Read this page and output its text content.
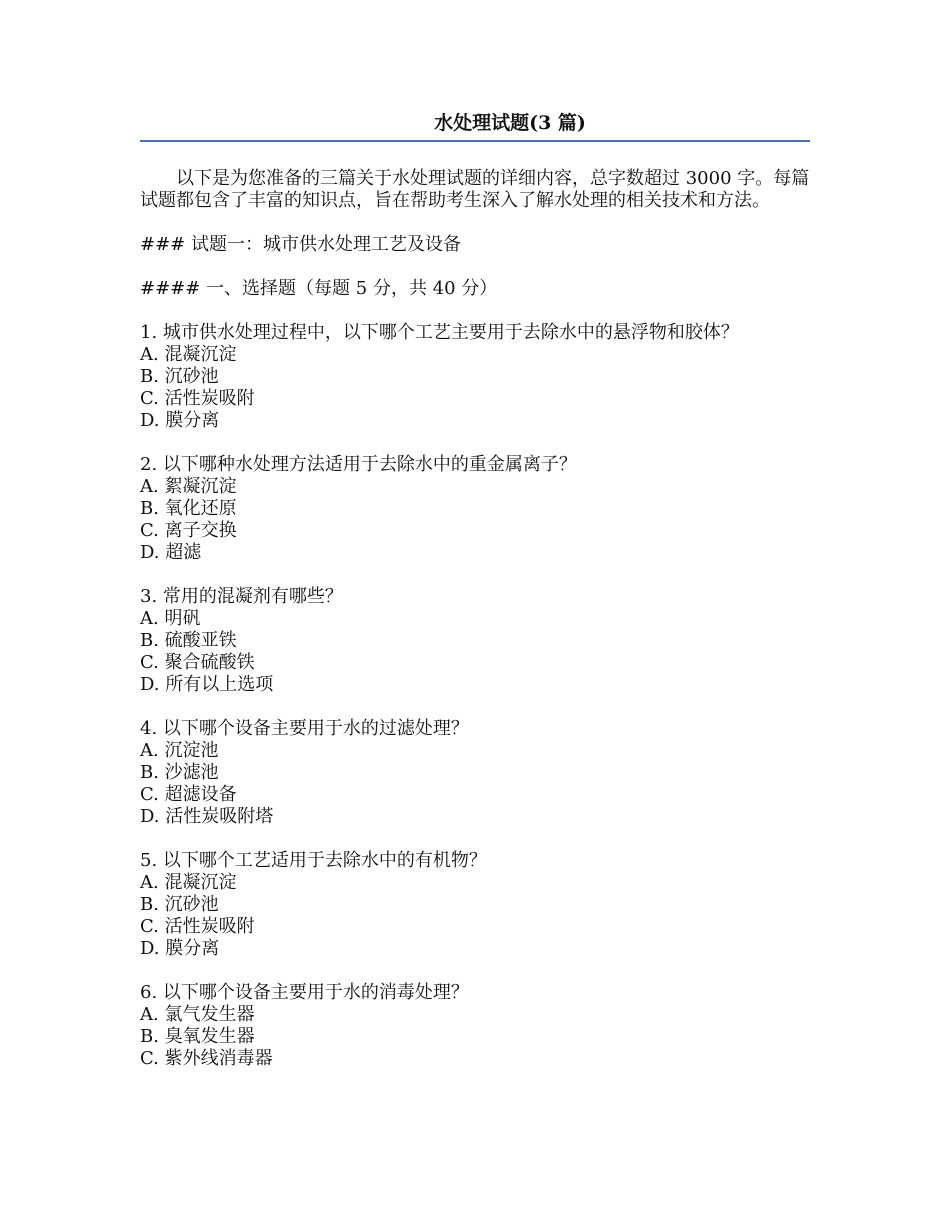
水处理试题(3 篇)
以下是为您准备的三篇关于水处理试题的详细内容，总字数超过 3000 字。每篇试题都包含了丰富的知识点，旨在帮助考生深入了解水处理的相关技术和方法。
### 试题一：城市供水处理工艺及设备
#### 一、选择题（每题 5 分，共 40 分）
1. 城市供水处理过程中，以下哪个工艺主要用于去除水中的悬浮物和胶体？
A. 混凝沉淀
B. 沉砂池
C. 活性炭吸附
D. 膜分离
2. 以下哪种水处理方法适用于去除水中的重金属离子？
A. 絮凝沉淀
B. 氧化还原
C. 离子交换
D. 超滤
3. 常用的混凝剂有哪些？
A. 明矾
B. 硫酸亚铁
C. 聚合硫酸铁
D. 所有以上选项
4. 以下哪个设备主要用于水的过滤处理？
A. 沉淀池
B. 沙滤池
C. 超滤设备
D. 活性炭吸附塔
5. 以下哪个工艺适用于去除水中的有机物？
A. 混凝沉淀
B. 沉砂池
C. 活性炭吸附
D. 膜分离
6. 以下哪个设备主要用于水的消毒处理？
A. 氯气发生器
B. 臭氧发生器
C. 紫外线消毒器
